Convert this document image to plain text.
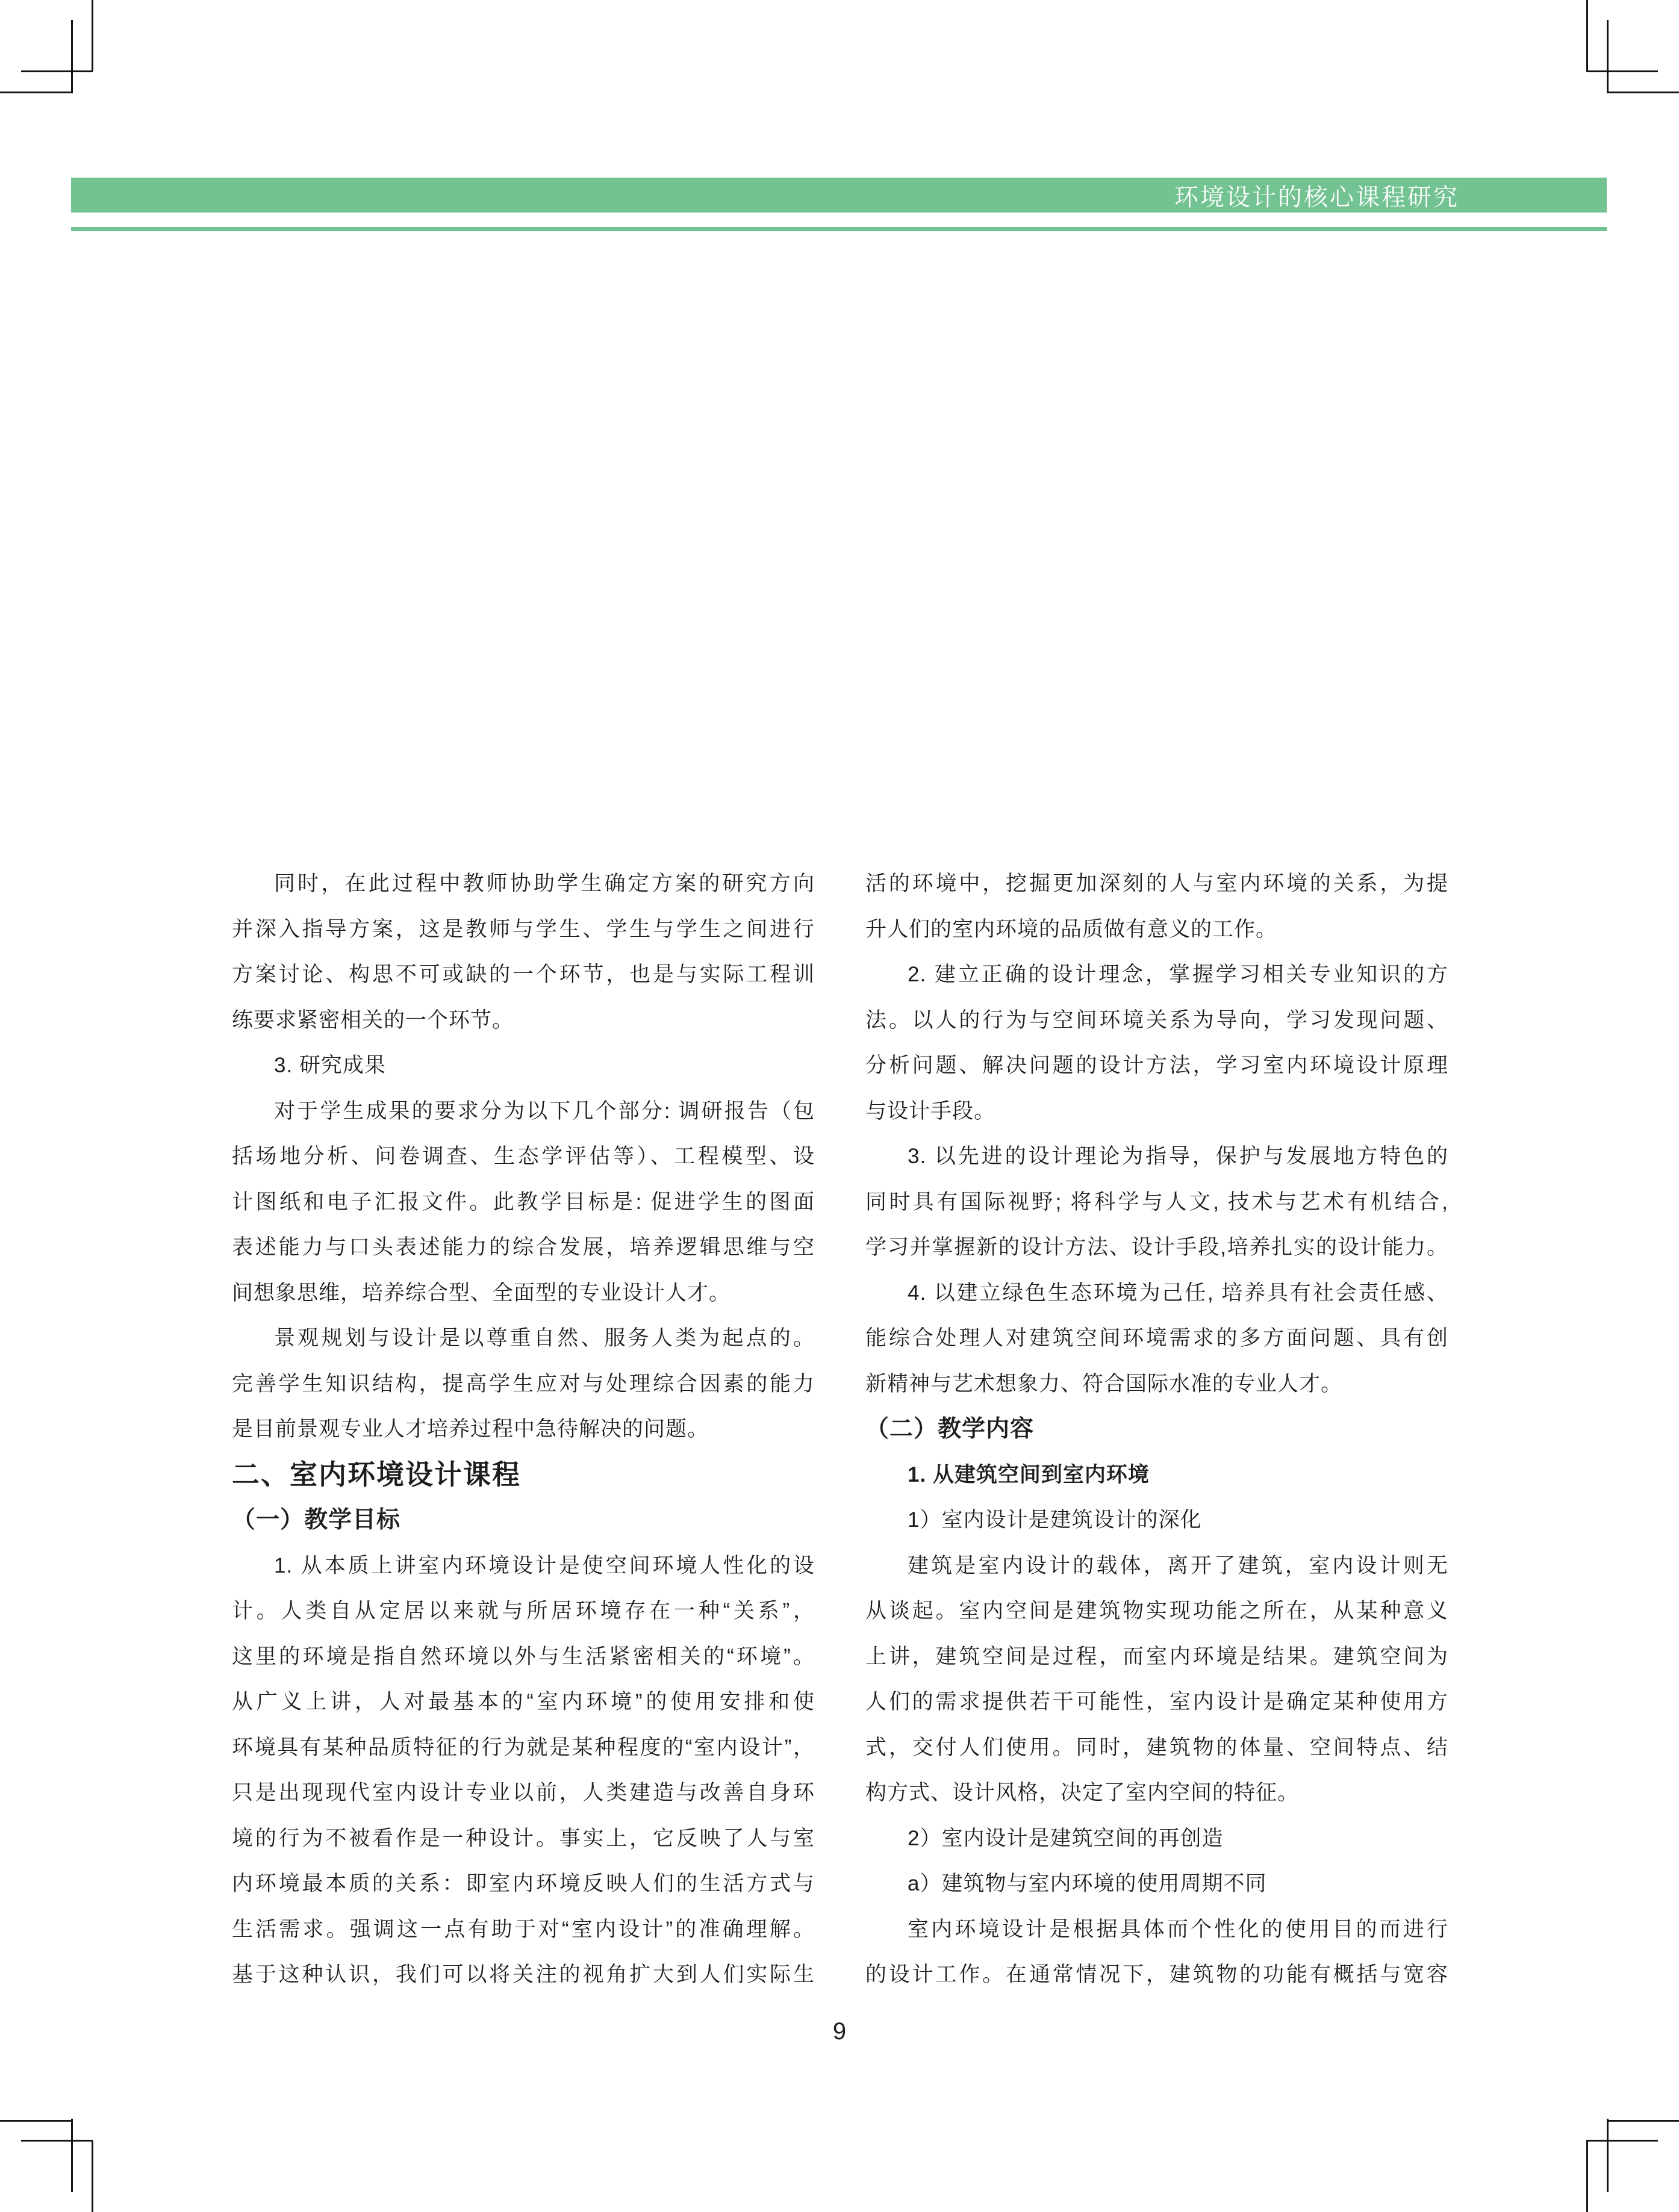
环境设计的核心课程研究
同时，在此过程中教师协助学生确定方案的研究方向
并深入指导方案，这是教师与学生、学生与学生之间进行
方案讨论、构思不可或缺的一个环节，也是与实际工程训
练要求紧密相关的一个环节。
3. 研究成果
对于学生成果的要求分为以下几个部分: 调研报告（包
括场地分析、问卷调查、生态学评估等）、工程模型、设
计图纸和电子汇报文件。此教学目标是: 促进学生的图面
表述能力与口头表述能力的综合发展，培养逻辑思维与空
间想象思维，培养综合型、全面型的专业设计人才。
景观规划与设计是以尊重自然、服务人类为起点的。
完善学生知识结构，提高学生应对与处理综合因素的能力
是目前景观专业人才培养过程中急待解决的问题。
二、室内环境设计课程
（一）教学目标
1. 从本质上讲室内环境设计是使空间环境人性化的设
计。人类自从定居以来就与所居环境存在一种“关系”，
这里的环境是指自然环境以外与生活紧密相关的“环境”。
从广义上讲，人对最基本的“室内环境”的使用安排和使
环境具有某种品质特征的行为就是某种程度的“室内设计”，
只是出现现代室内设计专业以前，人类建造与改善自身环
境的行为不被看作是一种设计。事实上，它反映了人与室
内环境最本质的关系：即室内环境反映人们的生活方式与
生活需求。强调这一点有助于对“室内设计”的准确理解。
基于这种认识，我们可以将关注的视角扩大到人们实际生
活的环境中，挖掘更加深刻的人与室内环境的关系，为提
升人们的室内环境的品质做有意义的工作。
2. 建立正确的设计理念，掌握学习相关专业知识的方
法。以人的行为与空间环境关系为导向，学习发现问题、
分析问题、解决问题的设计方法，学习室内环境设计原理
与设计手段。
3. 以先进的设计理论为指导，保护与发展地方特色的
同时具有国际视野; 将科学与人文, 技术与艺术有机结合,
学习并掌握新的设计方法、设计手段,培养扎实的设计能力。
4. 以建立绿色生态环境为己任, 培养具有社会责任感、
能综合处理人对建筑空间环境需求的多方面问题、具有创
新精神与艺术想象力、符合国际水准的专业人才。
（二）教学内容
1. 从建筑空间到室内环境
1）室内设计是建筑设计的深化
建筑是室内设计的载体，离开了建筑，室内设计则无
从谈起。室内空间是建筑物实现功能之所在，从某种意义
上讲，建筑空间是过程，而室内环境是结果。建筑空间为
人们的需求提供若干可能性，室内设计是确定某种使用方
式，交付人们使用。同时，建筑物的体量、空间特点、结
构方式、设计风格，决定了室内空间的特征。
2）室内设计是建筑空间的再创造
a）建筑物与室内环境的使用周期不同
室内环境设计是根据具体而个性化的使用目的而进行
的设计工作。在通常情况下，建筑物的功能有概括与宽容
9
